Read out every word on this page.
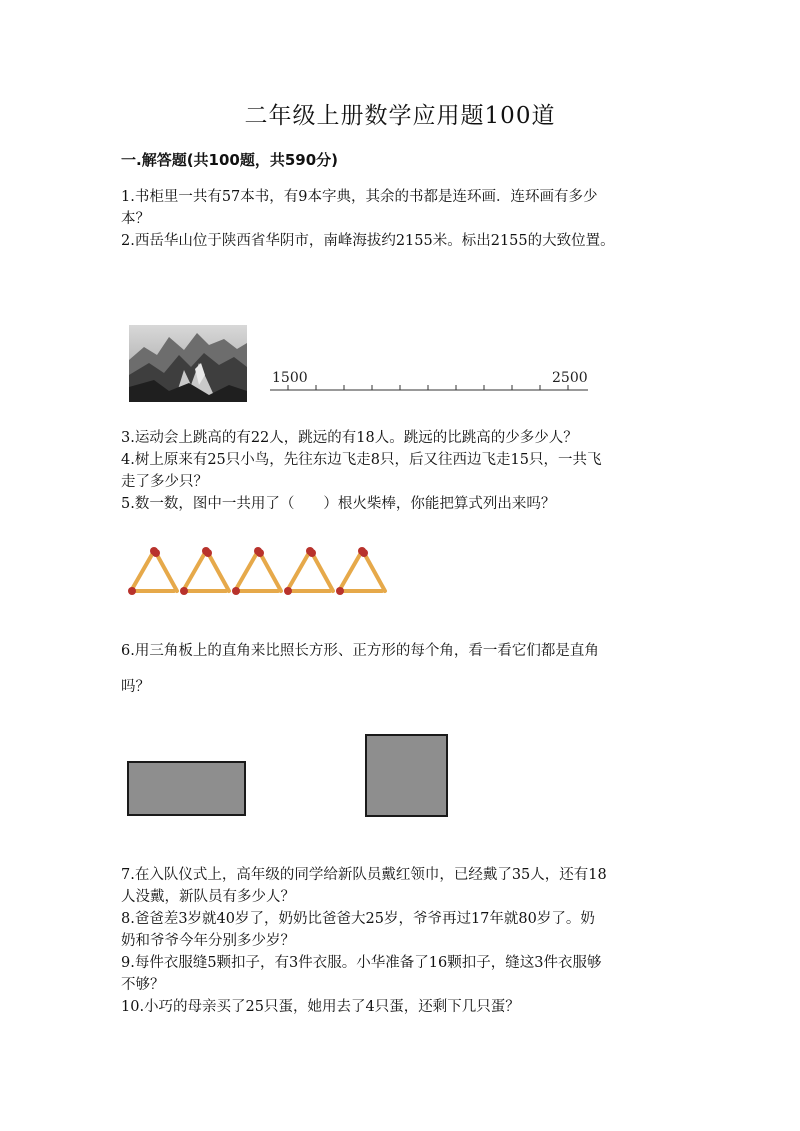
二年级上册数学应用题100道
一.解答题(共100题，共590分)
1.书柜里一共有57本书，有9本字典，其余的书都是连环画．连环画有多少
本？
2.西岳华山位于陕西省华阴市，南峰海拔约2155米。标出2155的大致位置。
1500	2500
3.运动会上跳高的有22人，跳远的有18人。跳远的比跳高的少多少人？
4.树上原来有25只小鸟，先往东边飞走8只，后又往西边飞走15只，一共飞
走了多少只？
5.数一数，图中一共用了（　　）根火柴棒，你能把算式列出来吗？
6.用三角板上的直角来比照长方形、正方形的每个角，看一看它们都是直角
吗？
7.在入队仪式上，高年级的同学给新队员戴红领巾，已经戴了35人，还有18
人没戴，新队员有多少人？
8.爸爸差3岁就40岁了，奶奶比爸爸大25岁，爷爷再过17年就80岁了。奶
奶和爷爷今年分别多少岁？
9.每件衣服缝5颗扣子，有3件衣服。小华准备了16颗扣子，缝这3件衣服够
不够？
10.小巧的母亲买了25只蛋，她用去了4只蛋，还剩下几只蛋？
